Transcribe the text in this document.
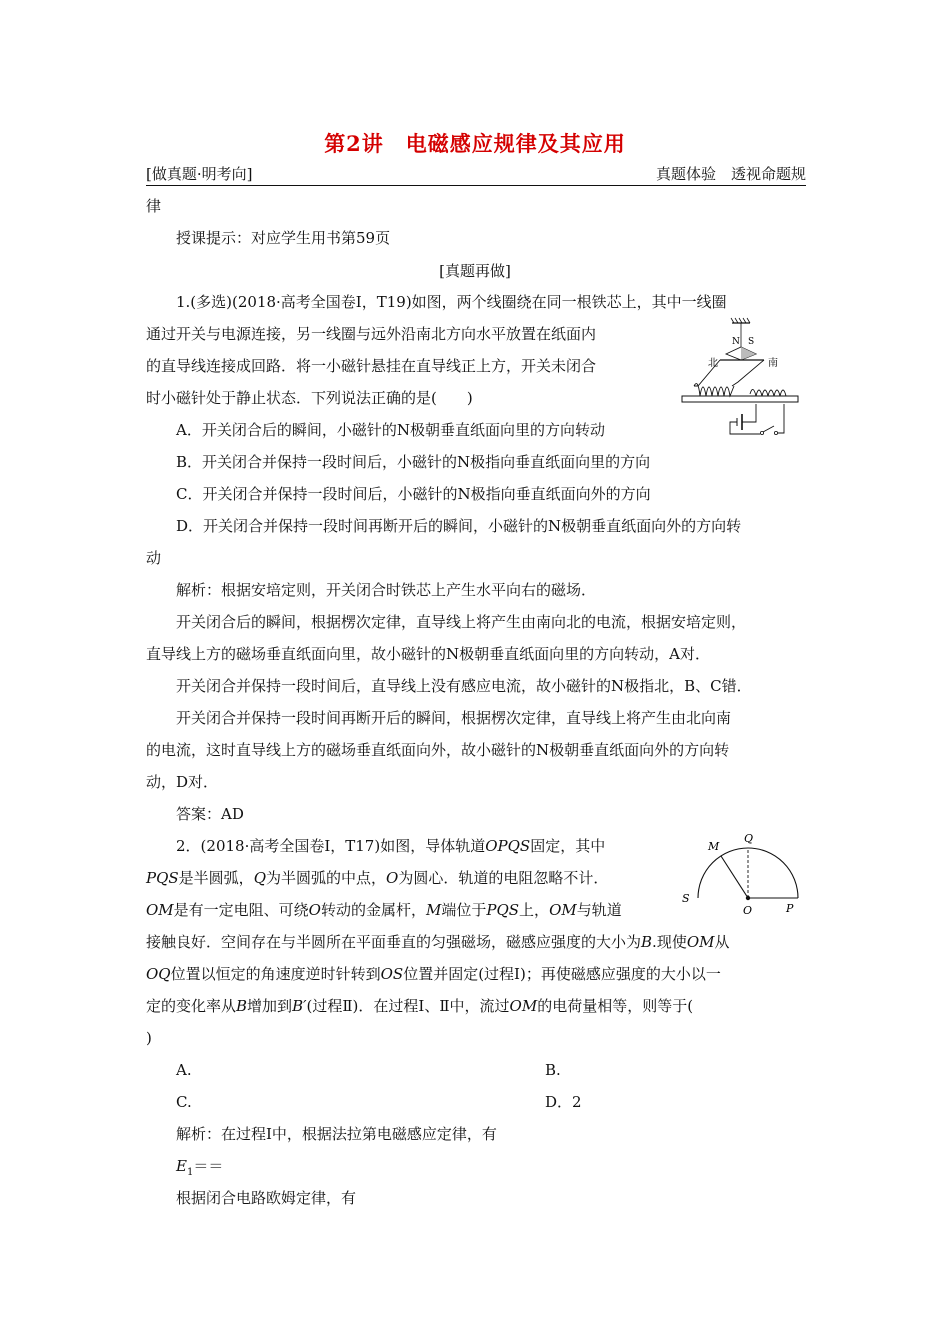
第2讲　电磁感应规律及其应用
[做真题·明考向]	真题体验　透视命题规
律
授课提示：对应学生用书第59页
[真题再做]
1.(多选)(2018·高考全国卷Ⅰ，T19)如图，两个线圈绕在同一根铁芯上，其中一线圈
通过开关与电源连接，另一线圈与远外沿南北方向水平放置在纸面内
的直导线连接成回路．将一小磁针悬挂在直导线正上方，开关未闭合
时小磁针处于静止状态．下列说法正确的是(　　)
N S
北	南
A．开关闭合后的瞬间，小磁针的N极朝垂直纸面向里的方向转动
B．开关闭合并保持一段时间后，小磁针的N极指向垂直纸面向里的方向
C．开关闭合并保持一段时间后，小磁针的N极指向垂直纸面向外的方向
D．开关闭合并保持一段时间再断开后的瞬间，小磁针的N极朝垂直纸面向外的方向转
动
解析：根据安培定则，开关闭合时铁芯上产生水平向右的磁场．
开关闭合后的瞬间，根据楞次定律，直导线上将产生由南向北的电流，根据安培定则，
直导线上方的磁场垂直纸面向里，故小磁针的N极朝垂直纸面向里的方向转动，A对．
开关闭合并保持一段时间后，直导线上没有感应电流，故小磁针的N极指北，B、C错．
开关闭合并保持一段时间再断开后的瞬间，根据楞次定律，直导线上将产生由北向南
的电流，这时直导线上方的磁场垂直纸面向外，故小磁针的N极朝垂直纸面向外的方向转
动，D对．
答案：AD
2．(2018·高考全国卷Ⅰ，T17)如图，导体轨道OPQS固定，其中
PQS是半圆弧，Q为半圆弧的中点，O为圆心．轨道的电阻忽略不计．
OM是有一定电阻、可绕O转动的金属杆，M端位于PQS上，OM与轨道
接触良好．空间存在与半圆所在平面垂直的匀强磁场，磁感应强度的大小为B.现使OM从
OQ位置以恒定的角速度逆时针转到OS位置并固定(过程Ⅰ)；再使磁感应强度的大小以一
定的变化率从B增加到B′(过程Ⅱ)．在过程Ⅰ、Ⅱ中，流过OM的电荷量相等，则等于(
)
M
Q
S
P
O
A.	B.
C.	D．2
解析：在过程Ⅰ中，根据法拉第电磁感应定律，有
$E_1==$
根据闭合电路欧姆定律，有
